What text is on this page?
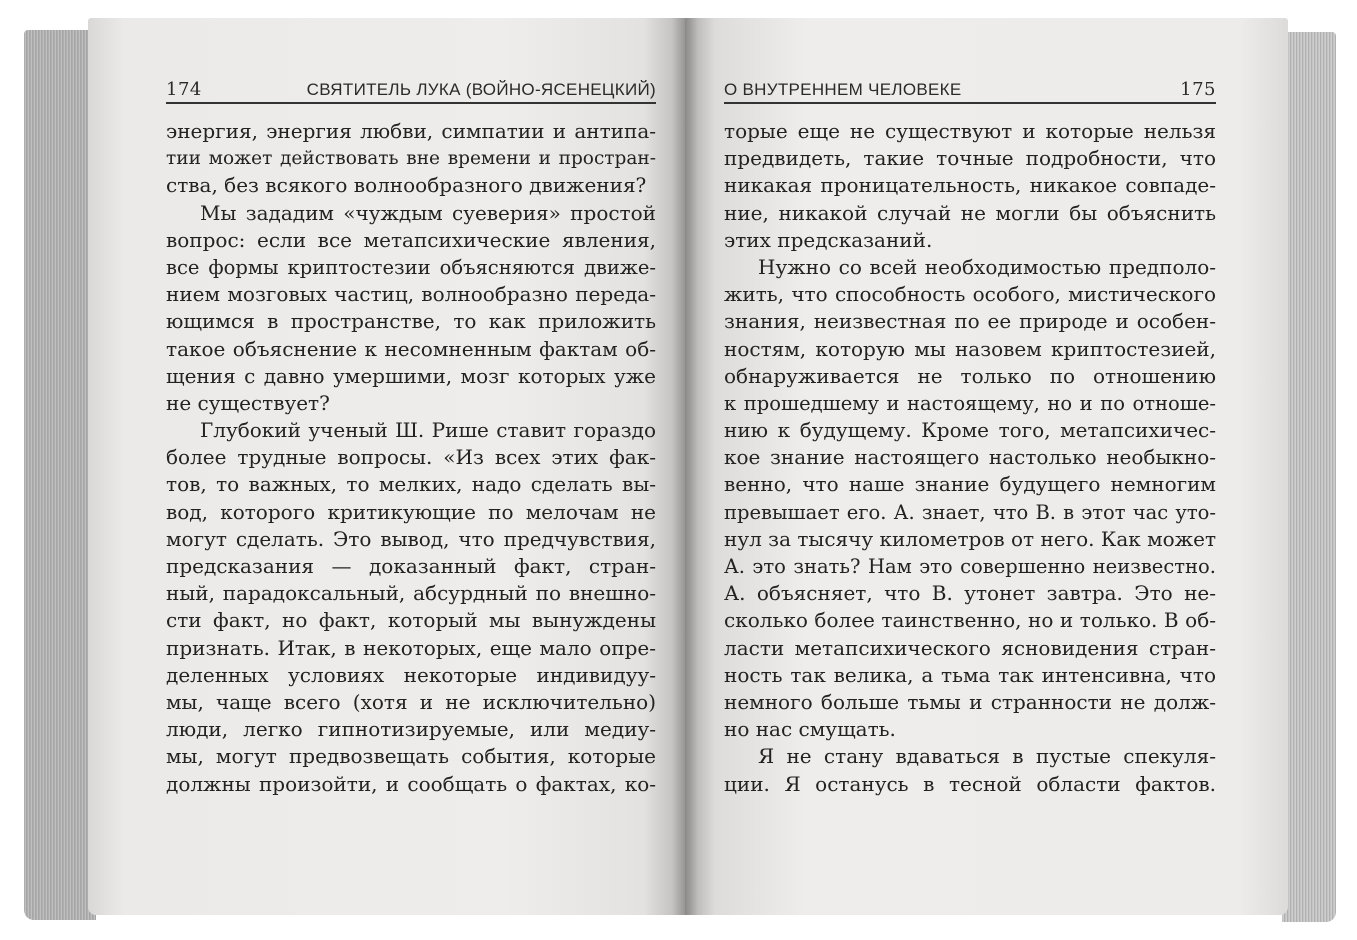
174	СВЯТИТЕЛЬ ЛУКА (ВОЙНО-ЯСЕНЕЦКИЙ)	О ВНУТРЕННЕМ ЧЕЛОВЕКЕ	175
энергия, энергия любви, симпатии и антипа-
тии может действовать вне времени и простран-
ства, без всякого волнообразного движения?
Мы зададим «чуждым суеверия» простой
вопрос: если все метапсихические явления,
все формы криптостезии объясняются движе-
нием мозговых частиц, волнообразно переда-
ющимся в пространстве, то как приложить
такое объяснение к несомненным фактам об-
щения с давно умершими, мозг которых уже
не существует?
Глубокий ученый Ш. Рише ставит гораздо
более трудные вопросы. «Из всех этих фак-
тов, то важных, то мелких, надо сделать вы-
вод, которого критикующие по мелочам не
могут сделать. Это вывод, что предчувствия,
предсказания — доказанный факт, стран-
ный, парадоксальный, абсурдный по внешно-
сти факт, но факт, который мы вынуждены
признать. Итак, в некоторых, еще мало опре-
деленных условиях некоторые индивидуу-
мы, чаще всего (хотя и не исключительно)
люди, легко гипнотизируемые, или медиу-
мы, могут предвозвещать события, которые
должны произойти, и сообщать о фактах, ко-
торые еще не существуют и которые нельзя
предвидеть, такие точные подробности, что
никакая проницательность, никакое совпаде-
ние, никакой случай не могли бы объяснить
этих предсказаний.
Нужно со всей необходимостью предполо-
жить, что способность особого, мистического
знания, неизвестная по ее природе и особен-
ностям, которую мы назовем криптостезией,
обнаруживается не только по отношению
к прошедшему и настоящему, но и по отноше-
нию к будущему. Кроме того, метапсихичес-
кое знание настоящего настолько необыкно-
венно, что наше знание будущего немногим
превышает его. А. знает, что В. в этот час уто-
нул за тысячу километров от него. Как может
А. это знать? Нам это совершенно неизвестно.
А. объясняет, что В. утонет завтра. Это не-
сколько более таинственно, но и только. В об-
ласти метапсихического ясновидения стран-
ность так велика, а тьма так интенсивна, что
немного больше тьмы и странности не долж-
но нас смущать.
Я не стану вдаваться в пустые спекуля-
ции. Я останусь в тесной области фактов.
